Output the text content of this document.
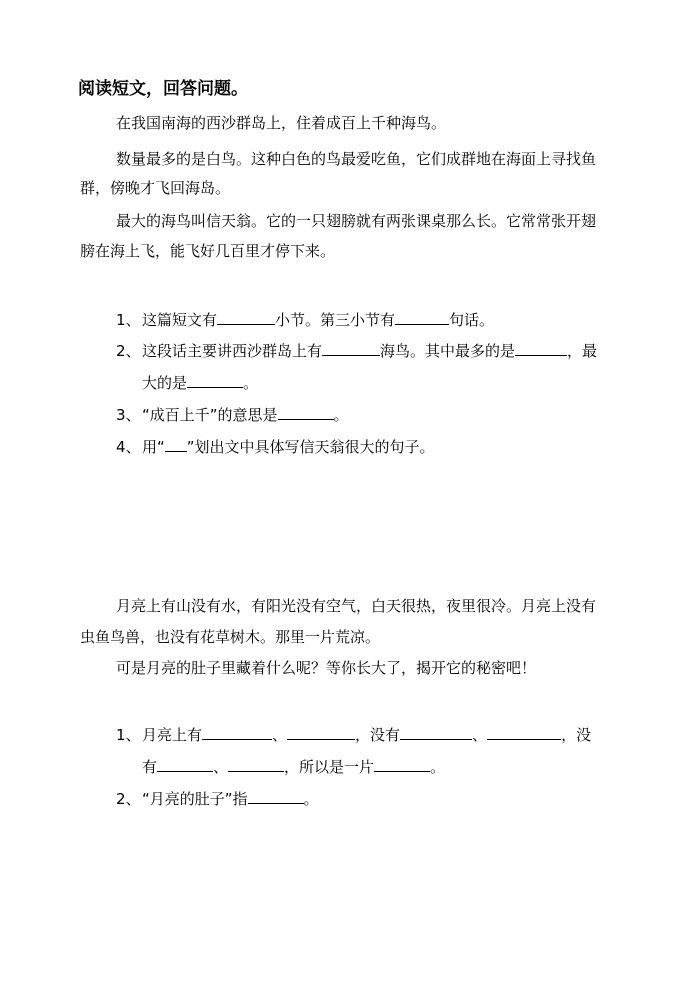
阅读短文，回答问题。
在我国南海的西沙群岛上，住着成百上千种海鸟。
数量最多的是白鸟。这种白色的鸟最爱吃鱼，它们成群地在海面上寻找鱼
群，傍晚才飞回海岛。
最大的海鸟叫信天翁。它的一只翅膀就有两张课桌那么长。它常常张开翅
膀在海上飞，能飞好几百里才停下来。
1、这篇短文有	小节。第三小节有	句话。
2、这段话主要讲西沙群岛上有	海鸟。其中最多的是	，最
大的是	。
3、“成百上千”的意思是	。
4、用“ ”划出文中具体写信天翁很大的句子。
月亮上有山没有水，有阳光没有空气，白天很热，夜里很冷。月亮上没有
虫鱼鸟兽，也没有花草树木。那里一片荒凉。
可是月亮的肚子里藏着什么呢？等你长大了，揭开它的秘密吧！
1、月亮上有	、	，没有	、	，没
有	、	，所以是一片	。
2、“月亮的肚子”指	。
